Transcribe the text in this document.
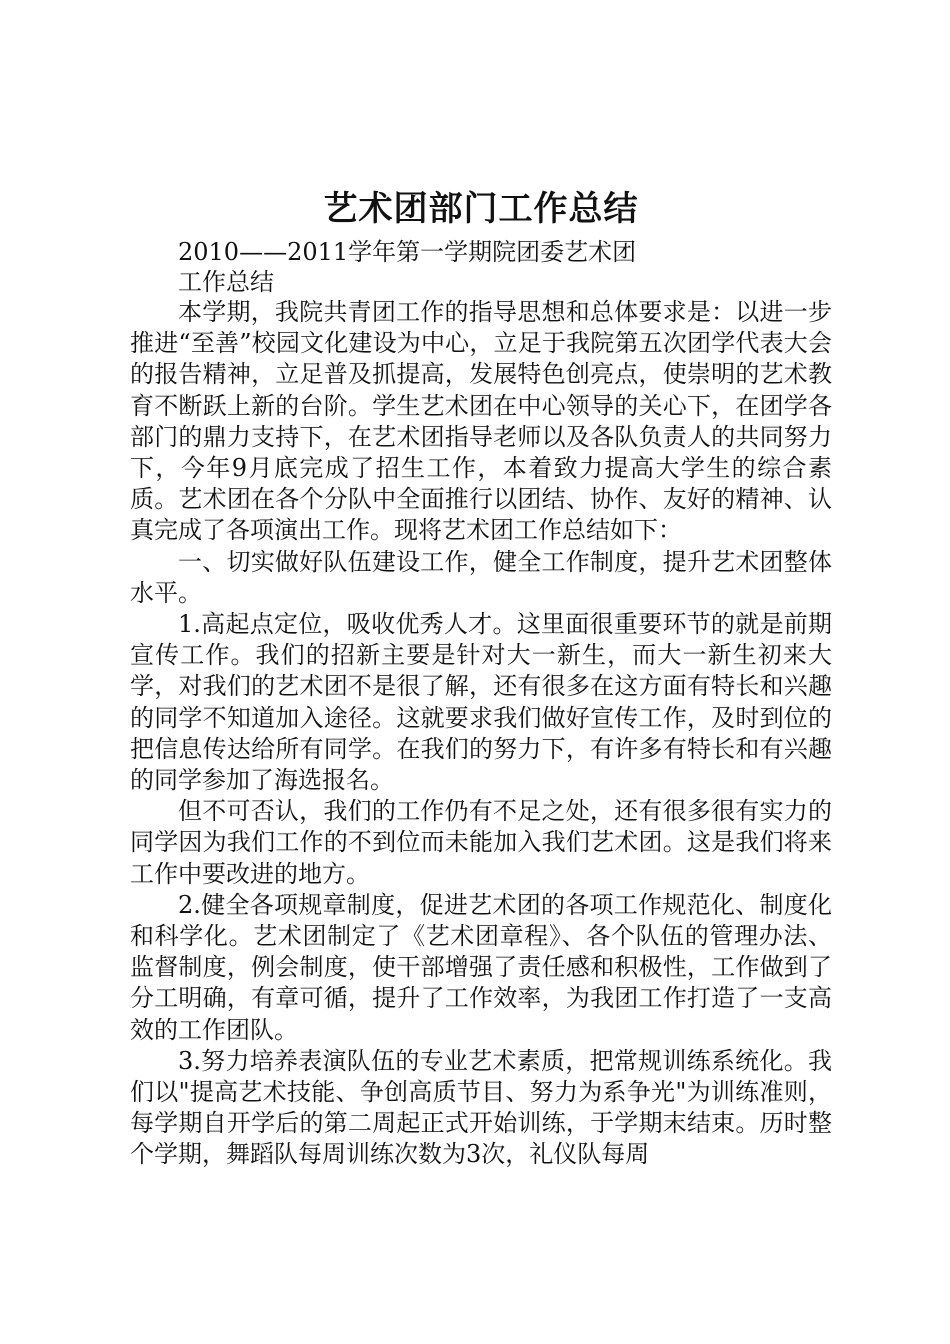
艺术团部门工作总结

2010——2011学年第一学期院团委艺术团

工作总结

本学期，我院共青团工作的指导思想和总体要求是：以进一步推进“至善”校园文化建设为中心，立足于我院第五次团学代表大会的报告精神，立足普及抓提高，发展特色创亮点，使崇明的艺术教育不断跃上新的台阶。学生艺术团在中心领导的关心下，在团学各部门的鼎力支持下，在艺术团指导老师以及各队负责人的共同努力下，今年9月底完成了招生工作，本着致力提高大学生的综合素质。艺术团在各个分队中全面推行以团结、协作、友好的精神、认真完成了各项演出工作。现将艺术团工作总结如下：

一、切实做好队伍建设工作，健全工作制度，提升艺术团整体水平。

1.高起点定位，吸收优秀人才。这里面很重要环节的就是前期宣传工作。我们的招新主要是针对大一新生，而大一新生初来大学，对我们的艺术团不是很了解，还有很多在这方面有特长和兴趣的同学不知道加入途径。这就要求我们做好宣传工作，及时到位的把信息传达给所有同学。在我们的努力下，有许多有特长和有兴趣的同学参加了海选报名。

但不可否认，我们的工作仍有不足之处，还有很多很有实力的同学因为我们工作的不到位而未能加入我们艺术团。这是我们将来工作中要改进的地方。

2.健全各项规章制度，促进艺术团的各项工作规范化、制度化和科学化。艺术团制定了《艺术团章程》、各个队伍的管理办法、监督制度，例会制度，使干部增强了责任感和积极性，工作做到了分工明确，有章可循，提升了工作效率，为我团工作打造了一支高效的工作团队。

3.努力培养表演队伍的专业艺术素质，把常规训练系统化。我们以"提高艺术技能、争创高质节目、努力为系争光"为训练准则，每学期自开学后的第二周起正式开始训练，于学期末结束。历时整个学期，舞蹈队每周训练次数为3次，礼仪队每周
